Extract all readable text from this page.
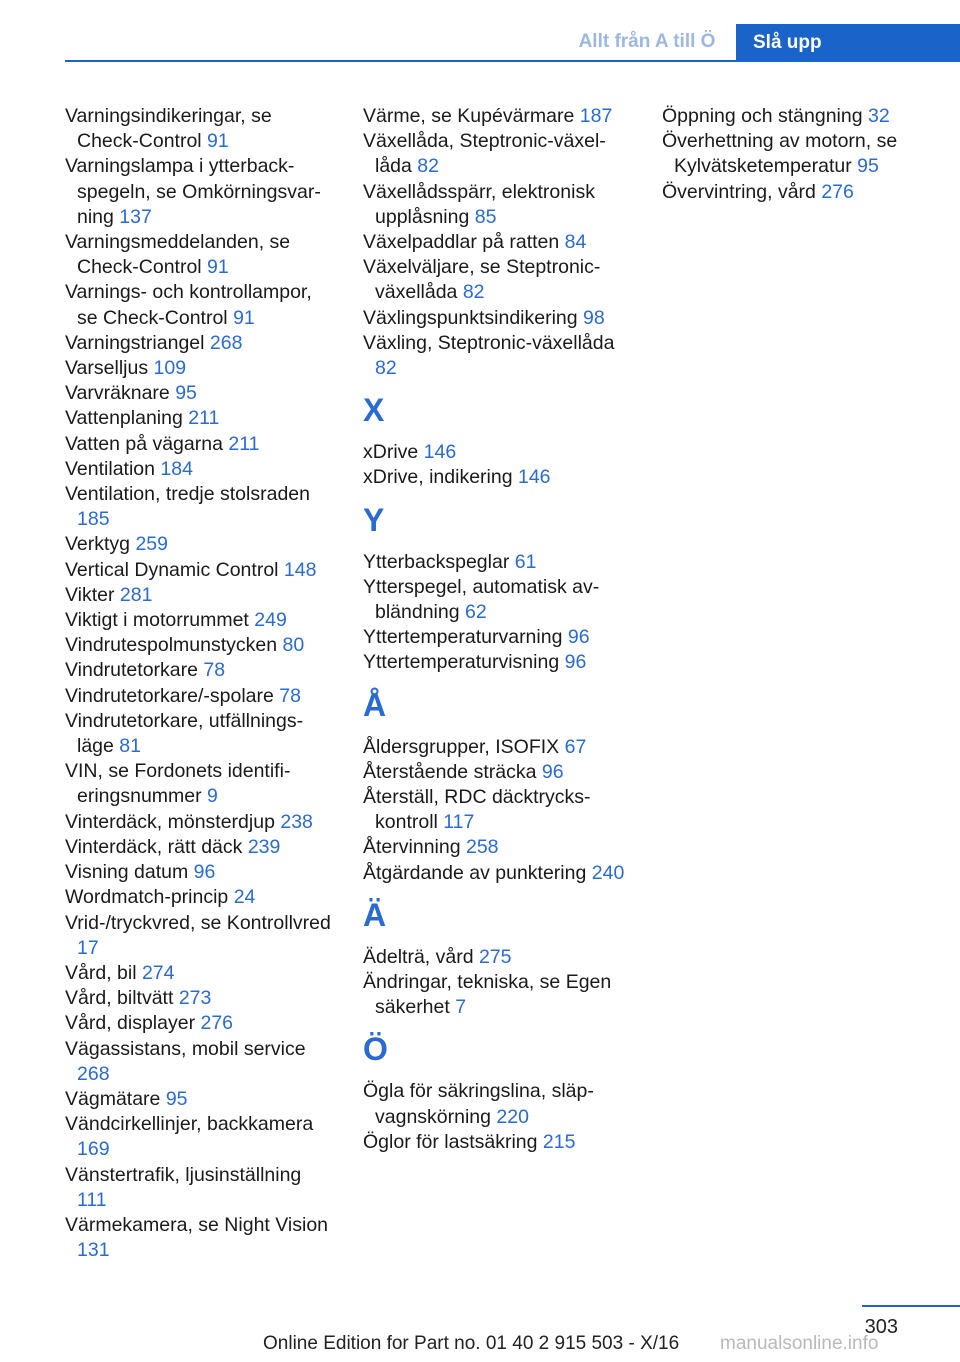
Allt från A till Ö	Slå upp
Varningsindikeringar, se Check-Control 91
Varningslampa i ytterbackspegeln, se Omkörningsvarning 137
Varningsmeddelanden, se Check-Control 91
Varnings- och kontrollampor, se Check-Control 91
Varningstriangel 268
Varselljus 109
Varvräknare 95
Vattenplaning 211
Vatten på vägarna 211
Ventilation 184
Ventilation, tredje stolsraden 185
Verktyg 259
Vertical Dynamic Control 148
Vikter 281
Viktigt i motorrummet 249
Vindrutespolmunstycken 80
Vindrutetorkare 78
Vindrutetorkare/-spolare 78
Vindrutetorkare, utfällningsläge 81
VIN, se Fordonets identifieringsnummer 9
Vinterdäck, mönsterdjup 238
Vinterdäck, rätt däck 239
Visning datum 96
Wordmatch-princip 24
Vrid-/tryckvred, se Kontrollvred 17
Vård, bil 274
Vård, biltvätt 273
Vård, displayer 276
Vägassistans, mobil service 268
Vägmätare 95
Vändcirkellinjer, backkamera 169
Vänstertrafik, ljusinställning 111
Värmekamera, se Night Vision 131
Värme, se Kupévärmare 187
Växellåda, Steptronic-växellåda 82
Växellådsspärr, elektronisk upplåsning 85
Växelpaddlar på ratten 84
Växelväljare, se Steptronic-växellåda 82
Växlingspunktsindikering 98
Växling, Steptronic-växellåda 82
X
xDrive 146
xDrive, indikering 146
Y
Ytterbackspeglar 61
Ytterspegel, automatisk avbländning 62
Yttertemperaturvarning 96
Yttertemperaturvisning 96
Å
Åldersgrupper, ISOFIX 67
Återstående sträcka 96
Återställ, RDC däcktryckskontroll 117
Återvinning 258
Åtgärdande av punktering 240
Ä
Ädelträ, vård 275
Ändringar, tekniska, se Egen säkerhet 7
Ö
Ögla för säkringslina, släpvagnskörning 220
Öglor för lastsäkring 215
Öppning och stängning 32
Överhettning av motorn, se Kylvätsketemperatur 95
Övervintring, vård 276
303
Online Edition for Part no. 01 40 2 915 503 - X/16 manualsonline.info
